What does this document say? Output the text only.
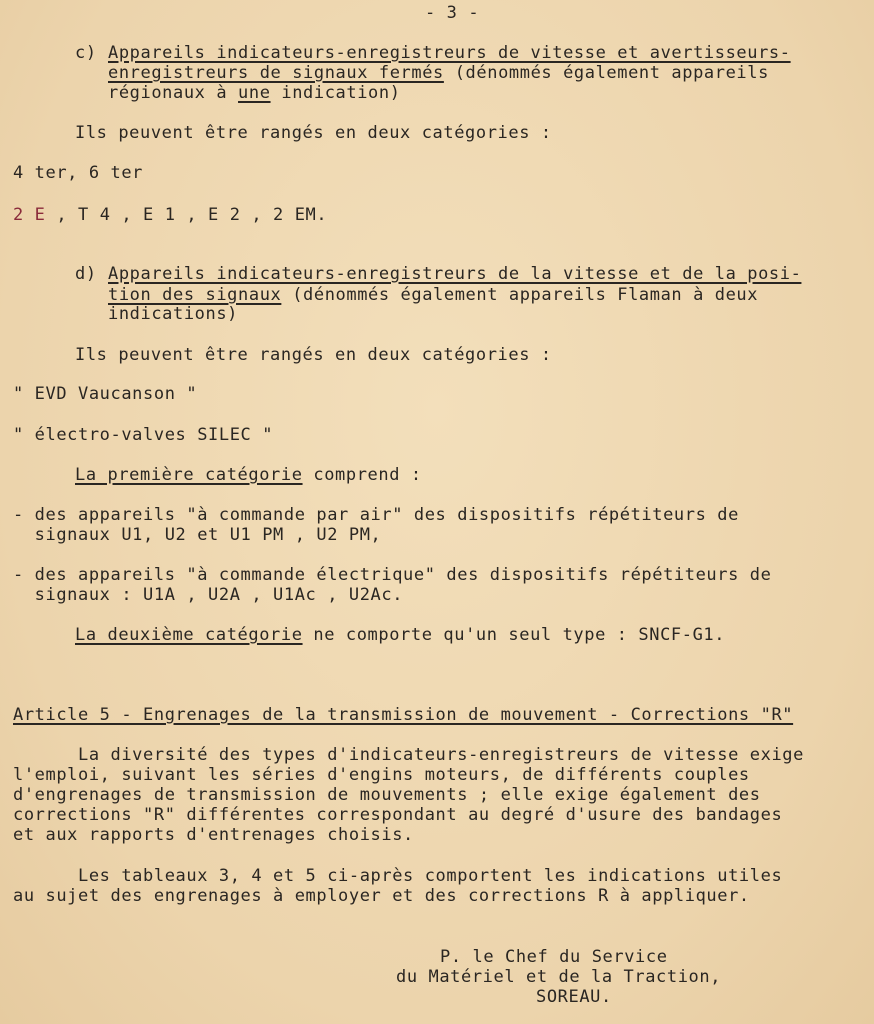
- 3 -
c) Appareils indicateurs-enregistreurs de vitesse et avertisseurs-
enregistreurs de signaux fermés (dénommés également appareils
régionaux à une indication)
Ils peuvent être rangés en deux catégories :
4 ter, 6 ter
2 E , T 4 , E 1 , E 2 , 2 EM.
d) Appareils indicateurs-enregistreurs de la vitesse et de la posi-
tion des signaux (dénommés également appareils Flaman à deux
indications)
Ils peuvent être rangés en deux catégories :
" EVD Vaucanson "
" électro-valves SILEC "
La première catégorie comprend :
- des appareils "à commande par air" des dispositifs répétiteurs de
signaux U1, U2 et U1 PM , U2 PM,
- des appareils "à commande électrique" des dispositifs répétiteurs de
signaux : U1A , U2A , U1Ac , U2Ac.
La deuxième catégorie ne comporte qu'un seul type : SNCF-G1.
Article 5 - Engrenages de la transmission de mouvement - Corrections "R"
La diversité des types d'indicateurs-enregistreurs de vitesse exige
l'emploi, suivant les séries d'engins moteurs, de différents couples
d'engrenages de transmission de mouvements ; elle exige également des
corrections "R" différentes correspondant au degré d'usure des bandages
et aux rapports d'entrenages choisis.
Les tableaux 3, 4 et 5 ci-après comportent les indications utiles
au sujet des engrenages à employer et des corrections R à appliquer.
P. le Chef du Service
du Matériel et de la Traction,
SOREAU.
